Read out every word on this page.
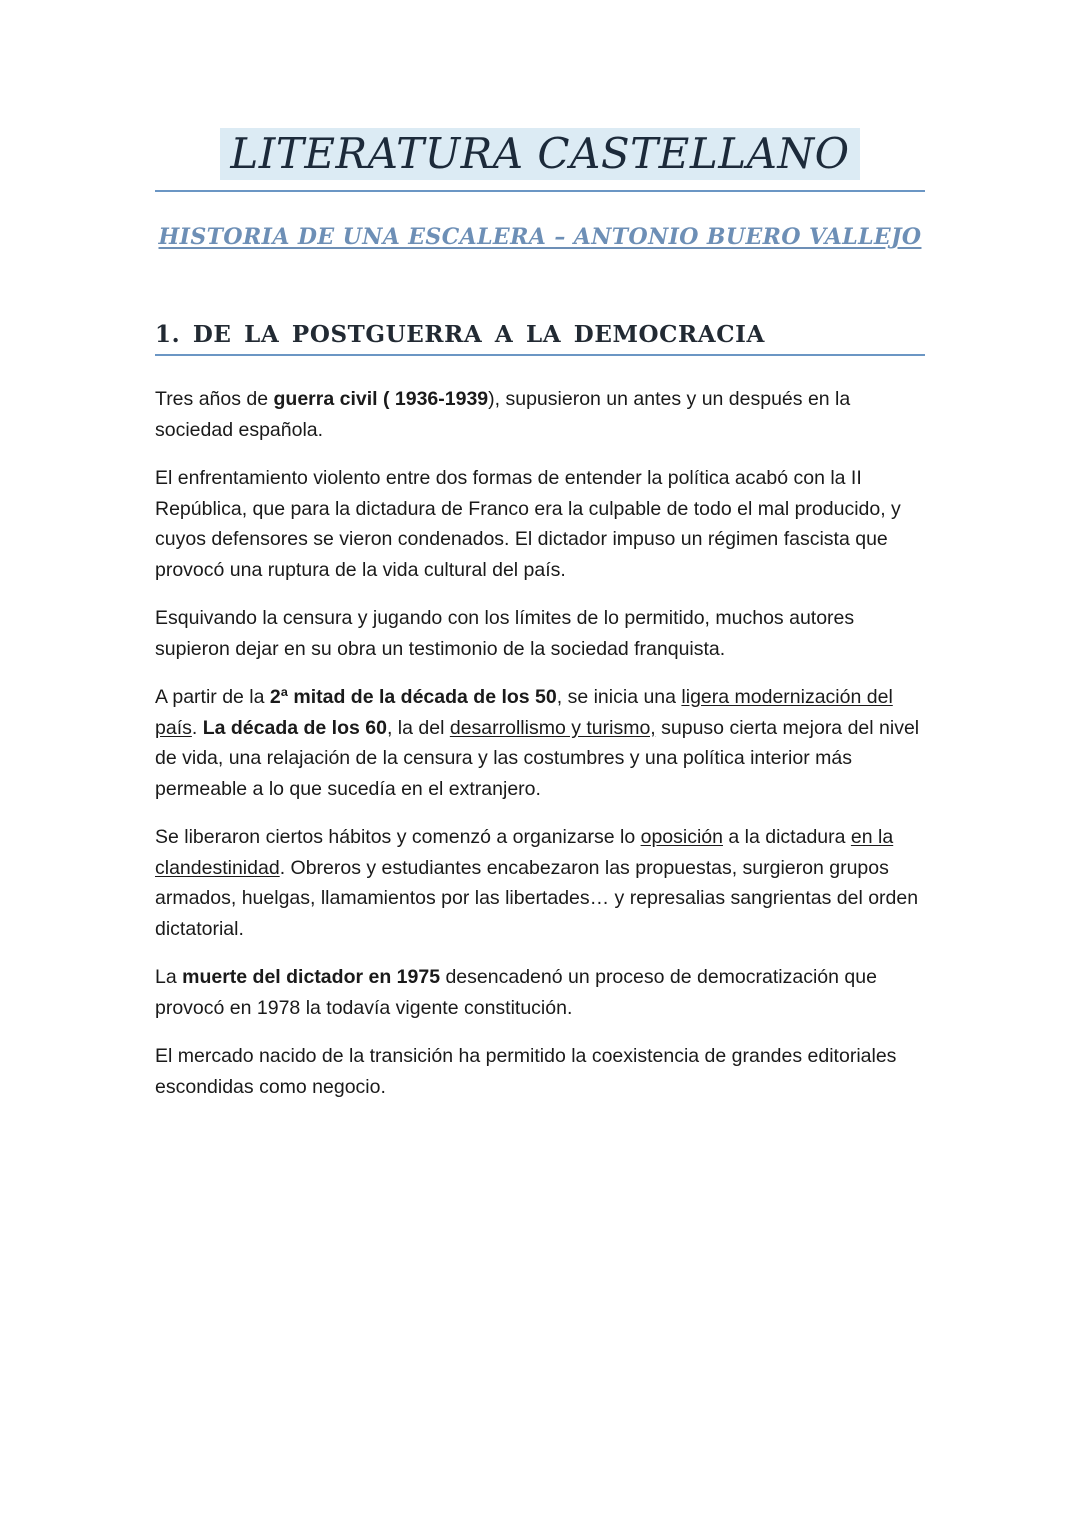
LITERATURA CASTELLANO
HISTORIA DE UNA ESCALERA – ANTONIO BUERO VALLEJO
1. DE LA POSTGUERRA A LA DEMOCRACIA

Tres años de guerra civil ( 1936-1939), supusieron un antes y un después en la sociedad española.

El enfrentamiento violento entre dos formas de entender la política acabó con la II República, que para la dictadura de Franco era la culpable de todo el mal producido, y cuyos defensores se vieron condenados. El dictador impuso un régimen fascista que provocó una ruptura de la vida cultural del país.

Esquivando la censura y jugando con los límites de lo permitido, muchos autores supieron dejar en su obra un testimonio de la sociedad franquista.

A partir de la 2ª mitad de la década de los 50, se inicia una ligera modernización del país. La década de los 60, la del desarrollismo y turismo, supuso cierta mejora del nivel de vida, una relajación de la censura y las costumbres y una política interior más permeable a lo que sucedía en el extranjero.

Se liberaron ciertos hábitos y comenzó a organizarse lo oposición a la dictadura en la clandestinidad. Obreros y estudiantes encabezaron las propuestas, surgieron grupos armados, huelgas, llamamientos por las libertades… y represalias sangrientas del orden dictatorial.

La muerte del dictador en 1975 desencadenó un proceso de democratización que provocó en 1978 la todavía vigente constitución.

El mercado nacido de la transición ha permitido la coexistencia de grandes editoriales escondidas como negocio.
